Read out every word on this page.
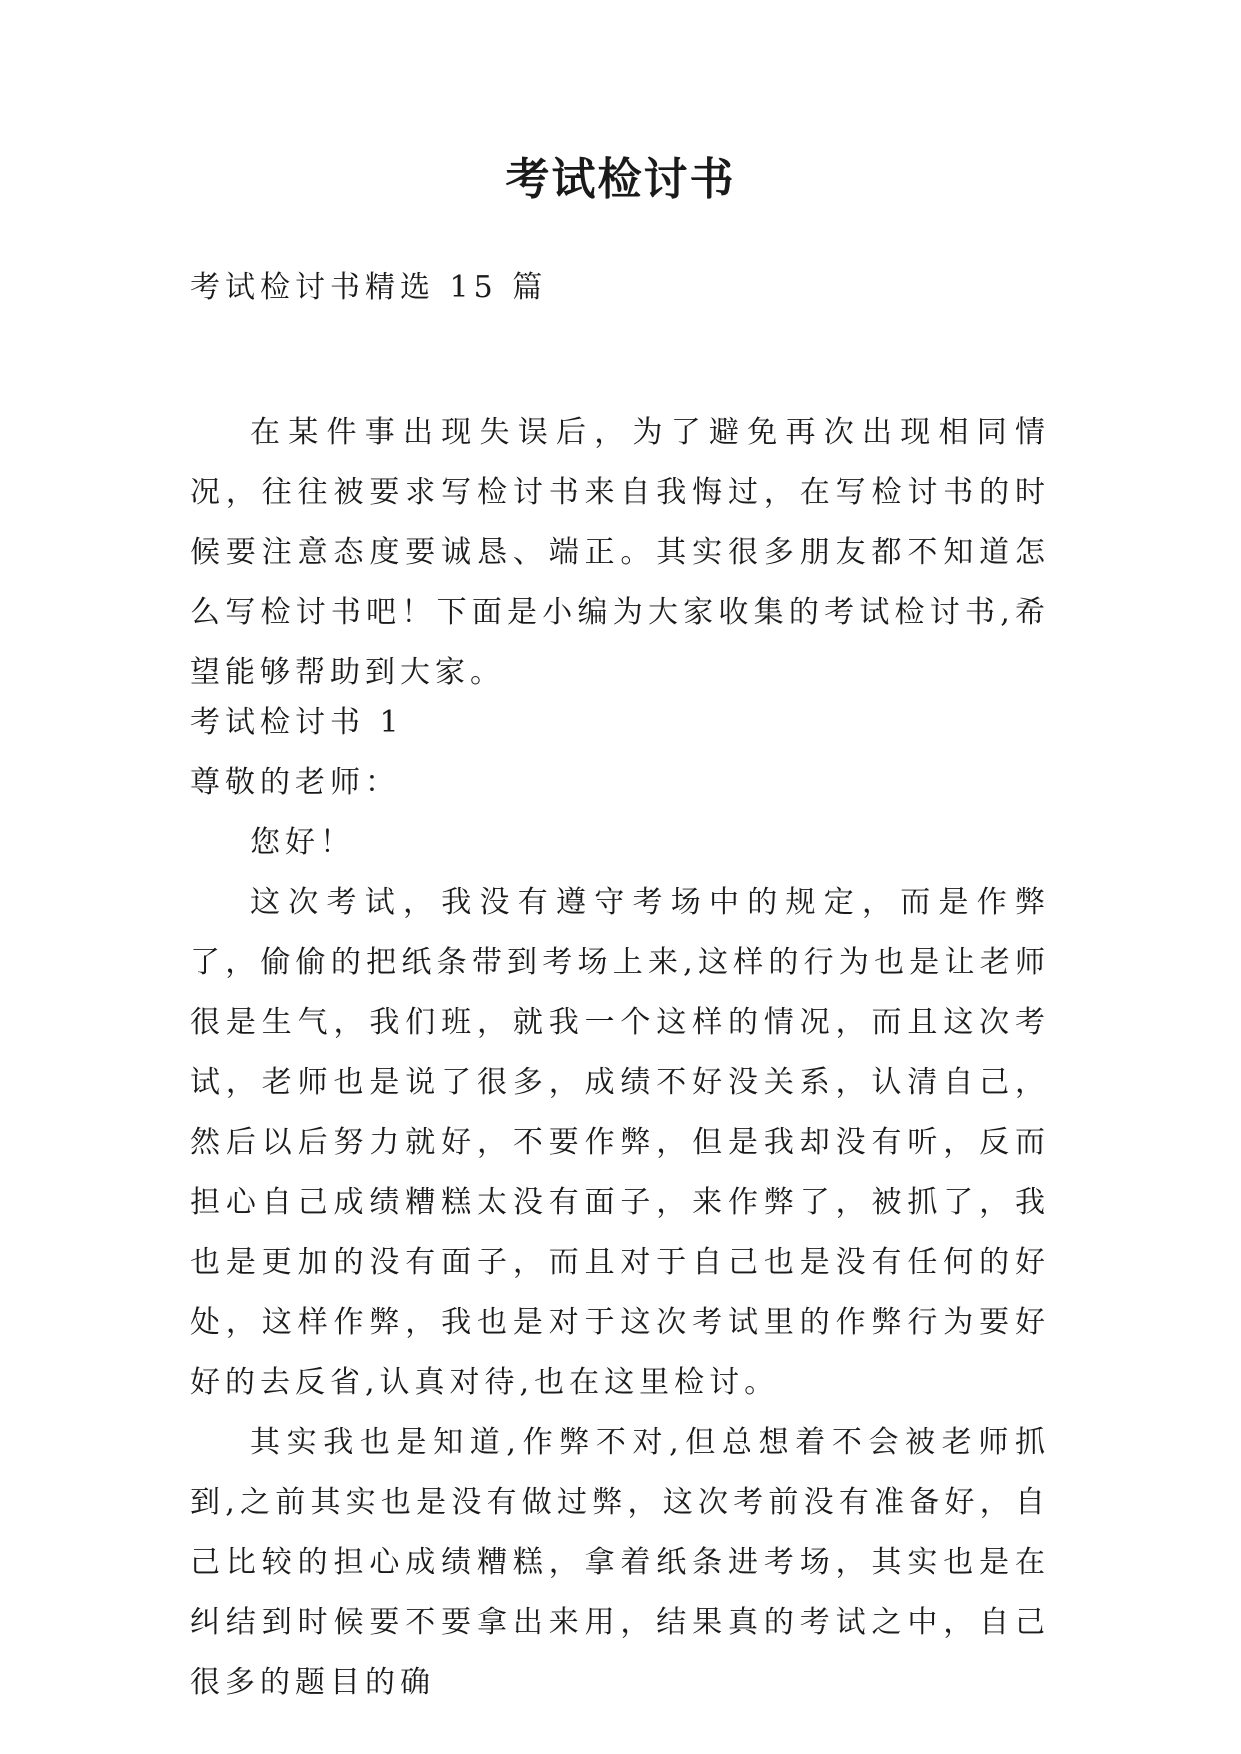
考试检讨书

考试检讨书精选 15 篇

在某件事出现失误后，为了避免再次出现相同情况，往往被要求写检讨书来自我悔过，在写检讨书的时候要注意态度要诚恳、端正。其实很多朋友都不知道怎么写检讨书吧！下面是小编为大家收集的考试检讨书,希望能够帮助到大家。

考试检讨书 1
尊敬的老师：
您好！
这次考试，我没有遵守考场中的规定，而是作弊了，偷偷的把纸条带到考场上来,这样的行为也是让老师很是生气，我们班，就我一个这样的情况，而且这次考试，老师也是说了很多，成绩不好没关系，认清自己，然后以后努力就好，不要作弊，但是我却没有听，反而担心自己成绩糟糕太没有面子，来作弊了，被抓了，我也是更加的没有面子，而且对于自己也是没有任何的好处，这样作弊，我也是对于这次考试里的作弊行为要好好的去反省,认真对待,也在这里检讨。
其实我也是知道,作弊不对,但总想着不会被老师抓到,之前其实也是没有做过弊，这次考前没有准备好，自己比较的担心成绩糟糕，拿着纸条进考场，其实也是在纠结到时候要不要拿出来用，结果真的考试之中，自己很多的题目的确
